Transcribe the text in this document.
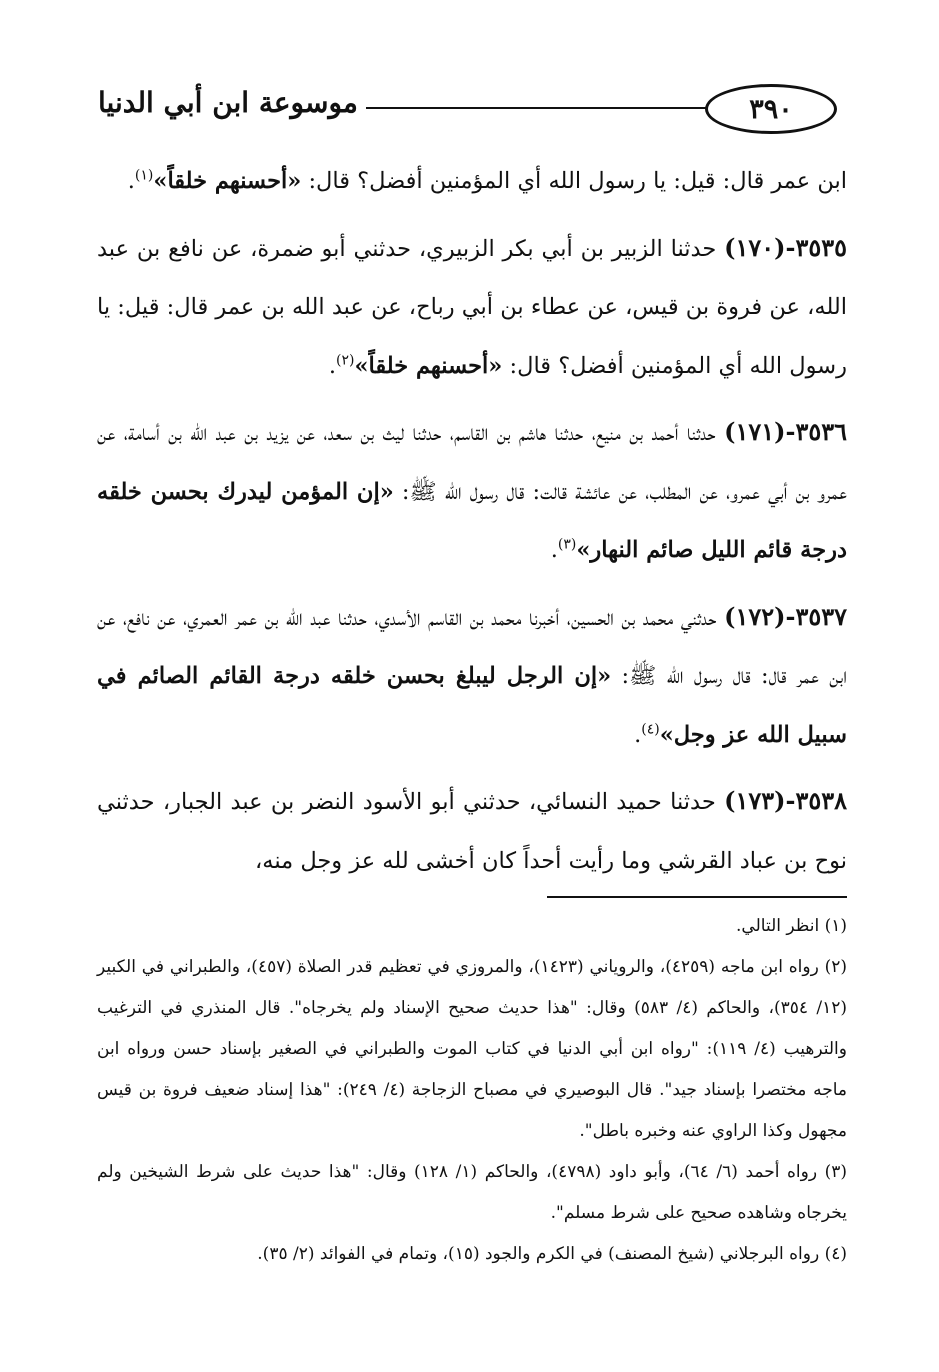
٣٩٠
موسوعة ابن أبي الدنيا

ابن عمر قال: قيل: يا رسول الله أي المؤمنين أفضل؟ قال: «أحسنهم خلقاً»$^{(١)}$.

٣٥٣٥-(١٧٠) حدثنا الزبير بن أبي بكر الزبيري، حدثني أبو ضمرة، عن نافع بن عبد الله، عن فروة بن قيس، عن عطاء بن أبي رباح، عن عبد الله بن عمر قال: قيل: يا رسول الله أي المؤمنين أفضل؟ قال: «أحسنهم خلقاً»$^{(٢)}$.

٣٥٣٦-(١٧١) حدثنا أحمد بن منيع، حدثنا هاشم بن القاسم، حدثنا ليث بن سعد، عن يزيد بن عبد الله بن أسامة، عن عمرو بن أبي عمرو، عن المطلب، عن عائشة قالت: قال رسول الله ﷺ: «إن المؤمن ليدرك بحسن خلقه درجة قائم الليل صائم النهار»$^{(٣)}$.

٣٥٣٧-(١٧٢) حدثني محمد بن الحسين، أخبرنا محمد بن القاسم الأسدي، حدثنا عبد الله بن عمر العمري، عن نافع، عن ابن عمر قال: قال رسول الله ﷺ: «إن الرجل ليبلغ بحسن خلقه درجة القائم الصائم في سبيل الله عز وجل»$^{(٤)}$.

٣٥٣٨-(١٧٣) حدثنا حميد النسائي، حدثني أبو الأسود النضر بن عبد الجبار، حدثني نوح بن عباد القرشي وما رأيت أحداً كان أخشى لله عز وجل منه،

(١) انظر التالي.

(٢) رواه ابن ماجه (٤٢٥٩)، والروياني (١٤٢٣)، والمروزي في تعظيم قدر الصلاة (٤٥٧)، والطبراني في الكبير (١٢/ ٣٥٤)، والحاكم (٤/ ٥٨٣) وقال: "هذا حديث صحيح الإسناد ولم يخرجاه". قال المنذري في الترغيب والترهيب (٤/ ١١٩): "رواه ابن أبي الدنيا في كتاب الموت والطبراني في الصغير بإسناد حسن ورواه ابن ماجه مختصرا بإسناد جيد". قال البوصيري في مصباح الزجاجة (٤/ ٢٤٩): "هذا إسناد ضعيف فروة بن قيس مجهول وكذا الراوي عنه وخبره باطل".

(٣) رواه أحمد (٦/ ٦٤)، وأبو داود (٤٧٩٨)، والحاكم (١/ ١٢٨) وقال: "هذا حديث على شرط الشيخين ولم يخرجاه وشاهده صحيح على شرط مسلم".

(٤) رواه البرجلاني (شيخ المصنف) في الكرم والجود (١٥)، وتمام في الفوائد (٢/ ٣٥).
